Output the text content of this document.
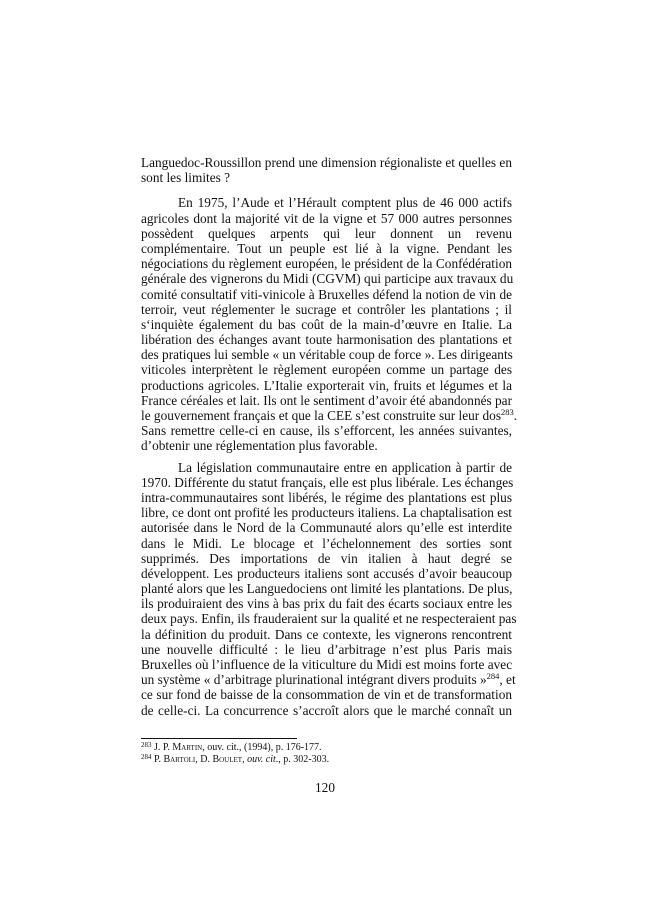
Languedoc-Roussillon prend une dimension régionaliste et quelles en
sont les limites ?
En 1975, l’Aude et l’Hérault comptent plus de 46 000 actifs
agricoles dont la majorité vit de la vigne et 57 000 autres personnes
possèdent quelques arpents qui leur donnent un revenu
complémentaire. Tout un peuple est lié à la vigne. Pendant les
négociations du règlement européen, le président de la Confédération
générale des vignerons du Midi (CGVM) qui participe aux travaux du
comité consultatif viti-vinicole à Bruxelles défend la notion de vin de
terroir, veut réglementer le sucrage et contrôler les plantations ; il
s‘inquiète également du bas coût de la main-d’œuvre en Italie. La
libération des échanges avant toute harmonisation des plantations et
des pratiques lui semble « un véritable coup de force ». Les dirigeants
viticoles interprètent le règlement européen comme un partage des
productions agricoles. L’Italie exporterait vin, fruits et légumes et la
France céréales et lait. Ils ont le sentiment d’avoir été abandonnés par
le gouvernement français et que la CEE s’est construite sur leur dos$^{283}$.
Sans remettre celle-ci en cause, ils s’efforcent, les années suivantes,
d’obtenir une réglementation plus favorable.
La législation communautaire entre en application à partir de
1970. Différente du statut français, elle est plus libérale. Les échanges
intra-communautaires sont libérés, le régime des plantations est plus
libre, ce dont ont profité les producteurs italiens. La chaptalisation est
autorisée dans le Nord de la Communauté alors qu’elle est interdite
dans le Midi. Le blocage et l’échelonnement des sorties sont
supprimés. Des importations de vin italien à haut degré se
développent. Les producteurs italiens sont accusés d’avoir beaucoup
planté alors que les Languedociens ont limité les plantations. De plus,
ils produiraient des vins à bas prix du fait des écarts sociaux entre les
deux pays. Enfin, ils frauderaient sur la qualité et ne respecteraient pas
la définition du produit. Dans ce contexte, les vignerons rencontrent
une nouvelle difficulté : le lieu d’arbitrage n’est plus Paris mais
Bruxelles où l’influence de la viticulture du Midi est moins forte avec
un système « d’arbitrage plurinational intégrant divers produits »$^{284}$, et
ce sur fond de baisse de la consommation de vin et de transformation
de celle-ci. La concurrence s’accroît alors que le marché connaît un
$^{283}$ J. P. Martin, ouv. cit., (1994), p. 176-177.
$^{284}$ P. Bartoli, D. Boulet, ouv. cit., p. 302-303.
120
